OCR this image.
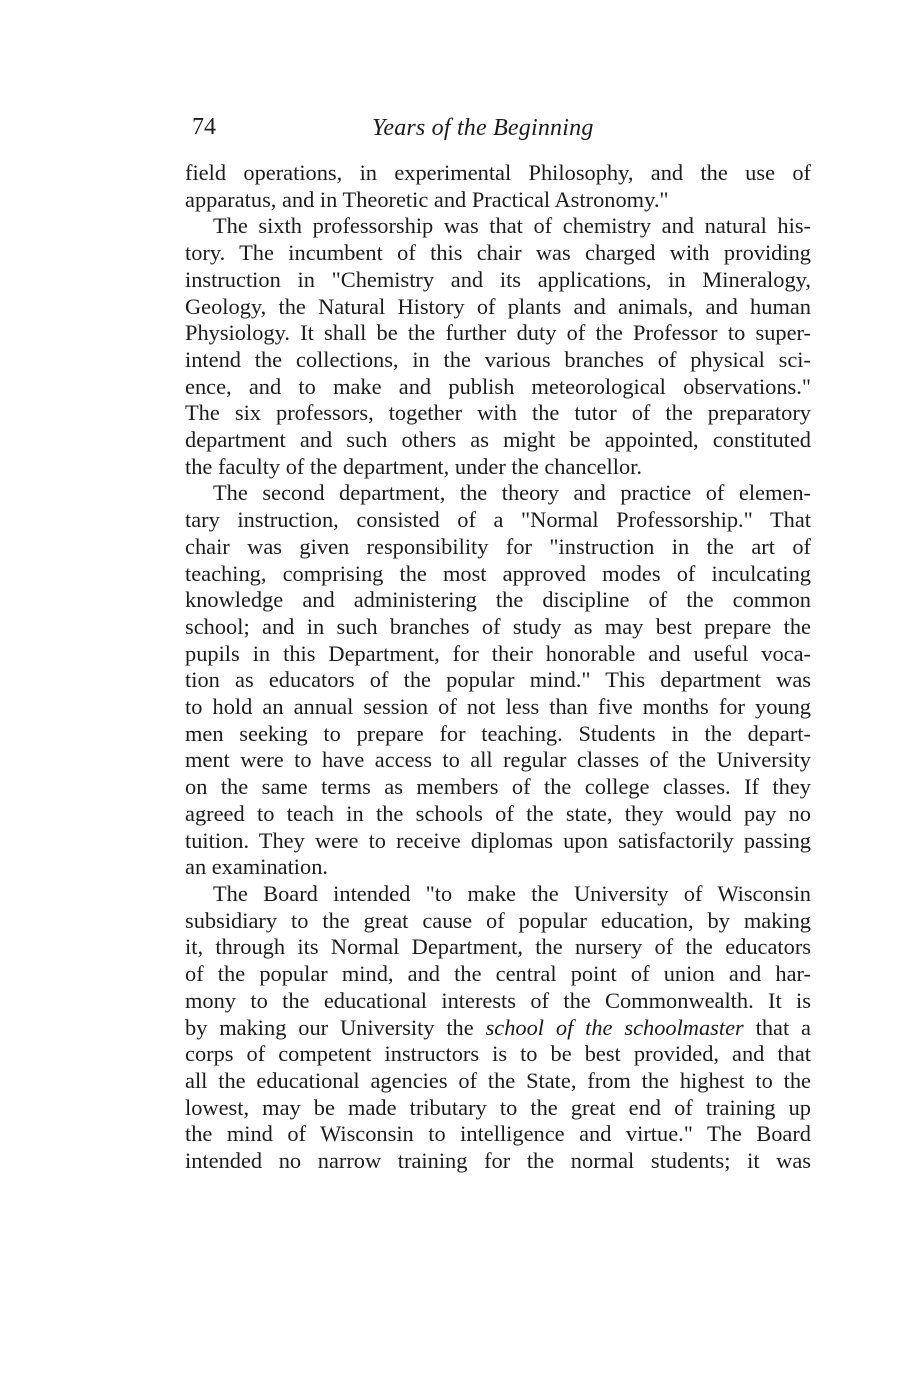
74	Years of the Beginning
field operations, in experimental Philosophy, and the use of
apparatus, and in Theoretic and Practical Astronomy."
The sixth professorship was that of chemistry and natural his-
tory. The incumbent of this chair was charged with providing
instruction in "Chemistry and its applications, in Mineralogy,
Geology, the Natural History of plants and animals, and human
Physiology. It shall be the further duty of the Professor to super-
intend the collections, in the various branches of physical sci-
ence, and to make and publish meteorological observations."
The six professors, together with the tutor of the preparatory
department and such others as might be appointed, constituted
the faculty of the department, under the chancellor.
The second department, the theory and practice of elemen-
tary instruction, consisted of a "Normal Professorship." That
chair was given responsibility for "instruction in the art of
teaching, comprising the most approved modes of inculcating
knowledge and administering the discipline of the common
school; and in such branches of study as may best prepare the
pupils in this Department, for their honorable and useful voca-
tion as educators of the popular mind." This department was
to hold an annual session of not less than five months for young
men seeking to prepare for teaching. Students in the depart-
ment were to have access to all regular classes of the University
on the same terms as members of the college classes. If they
agreed to teach in the schools of the state, they would pay no
tuition. They were to receive diplomas upon satisfactorily passing
an examination.
The Board intended "to make the University of Wisconsin
subsidiary to the great cause of popular education, by making
it, through its Normal Department, the nursery of the educators
of the popular mind, and the central point of union and har-
mony to the educational interests of the Commonwealth. It is
by making our University the school of the schoolmaster that a
corps of competent instructors is to be best provided, and that
all the educational agencies of the State, from the highest to the
lowest, may be made tributary to the great end of training up
the mind of Wisconsin to intelligence and virtue." The Board
intended no narrow training for the normal students; it was
